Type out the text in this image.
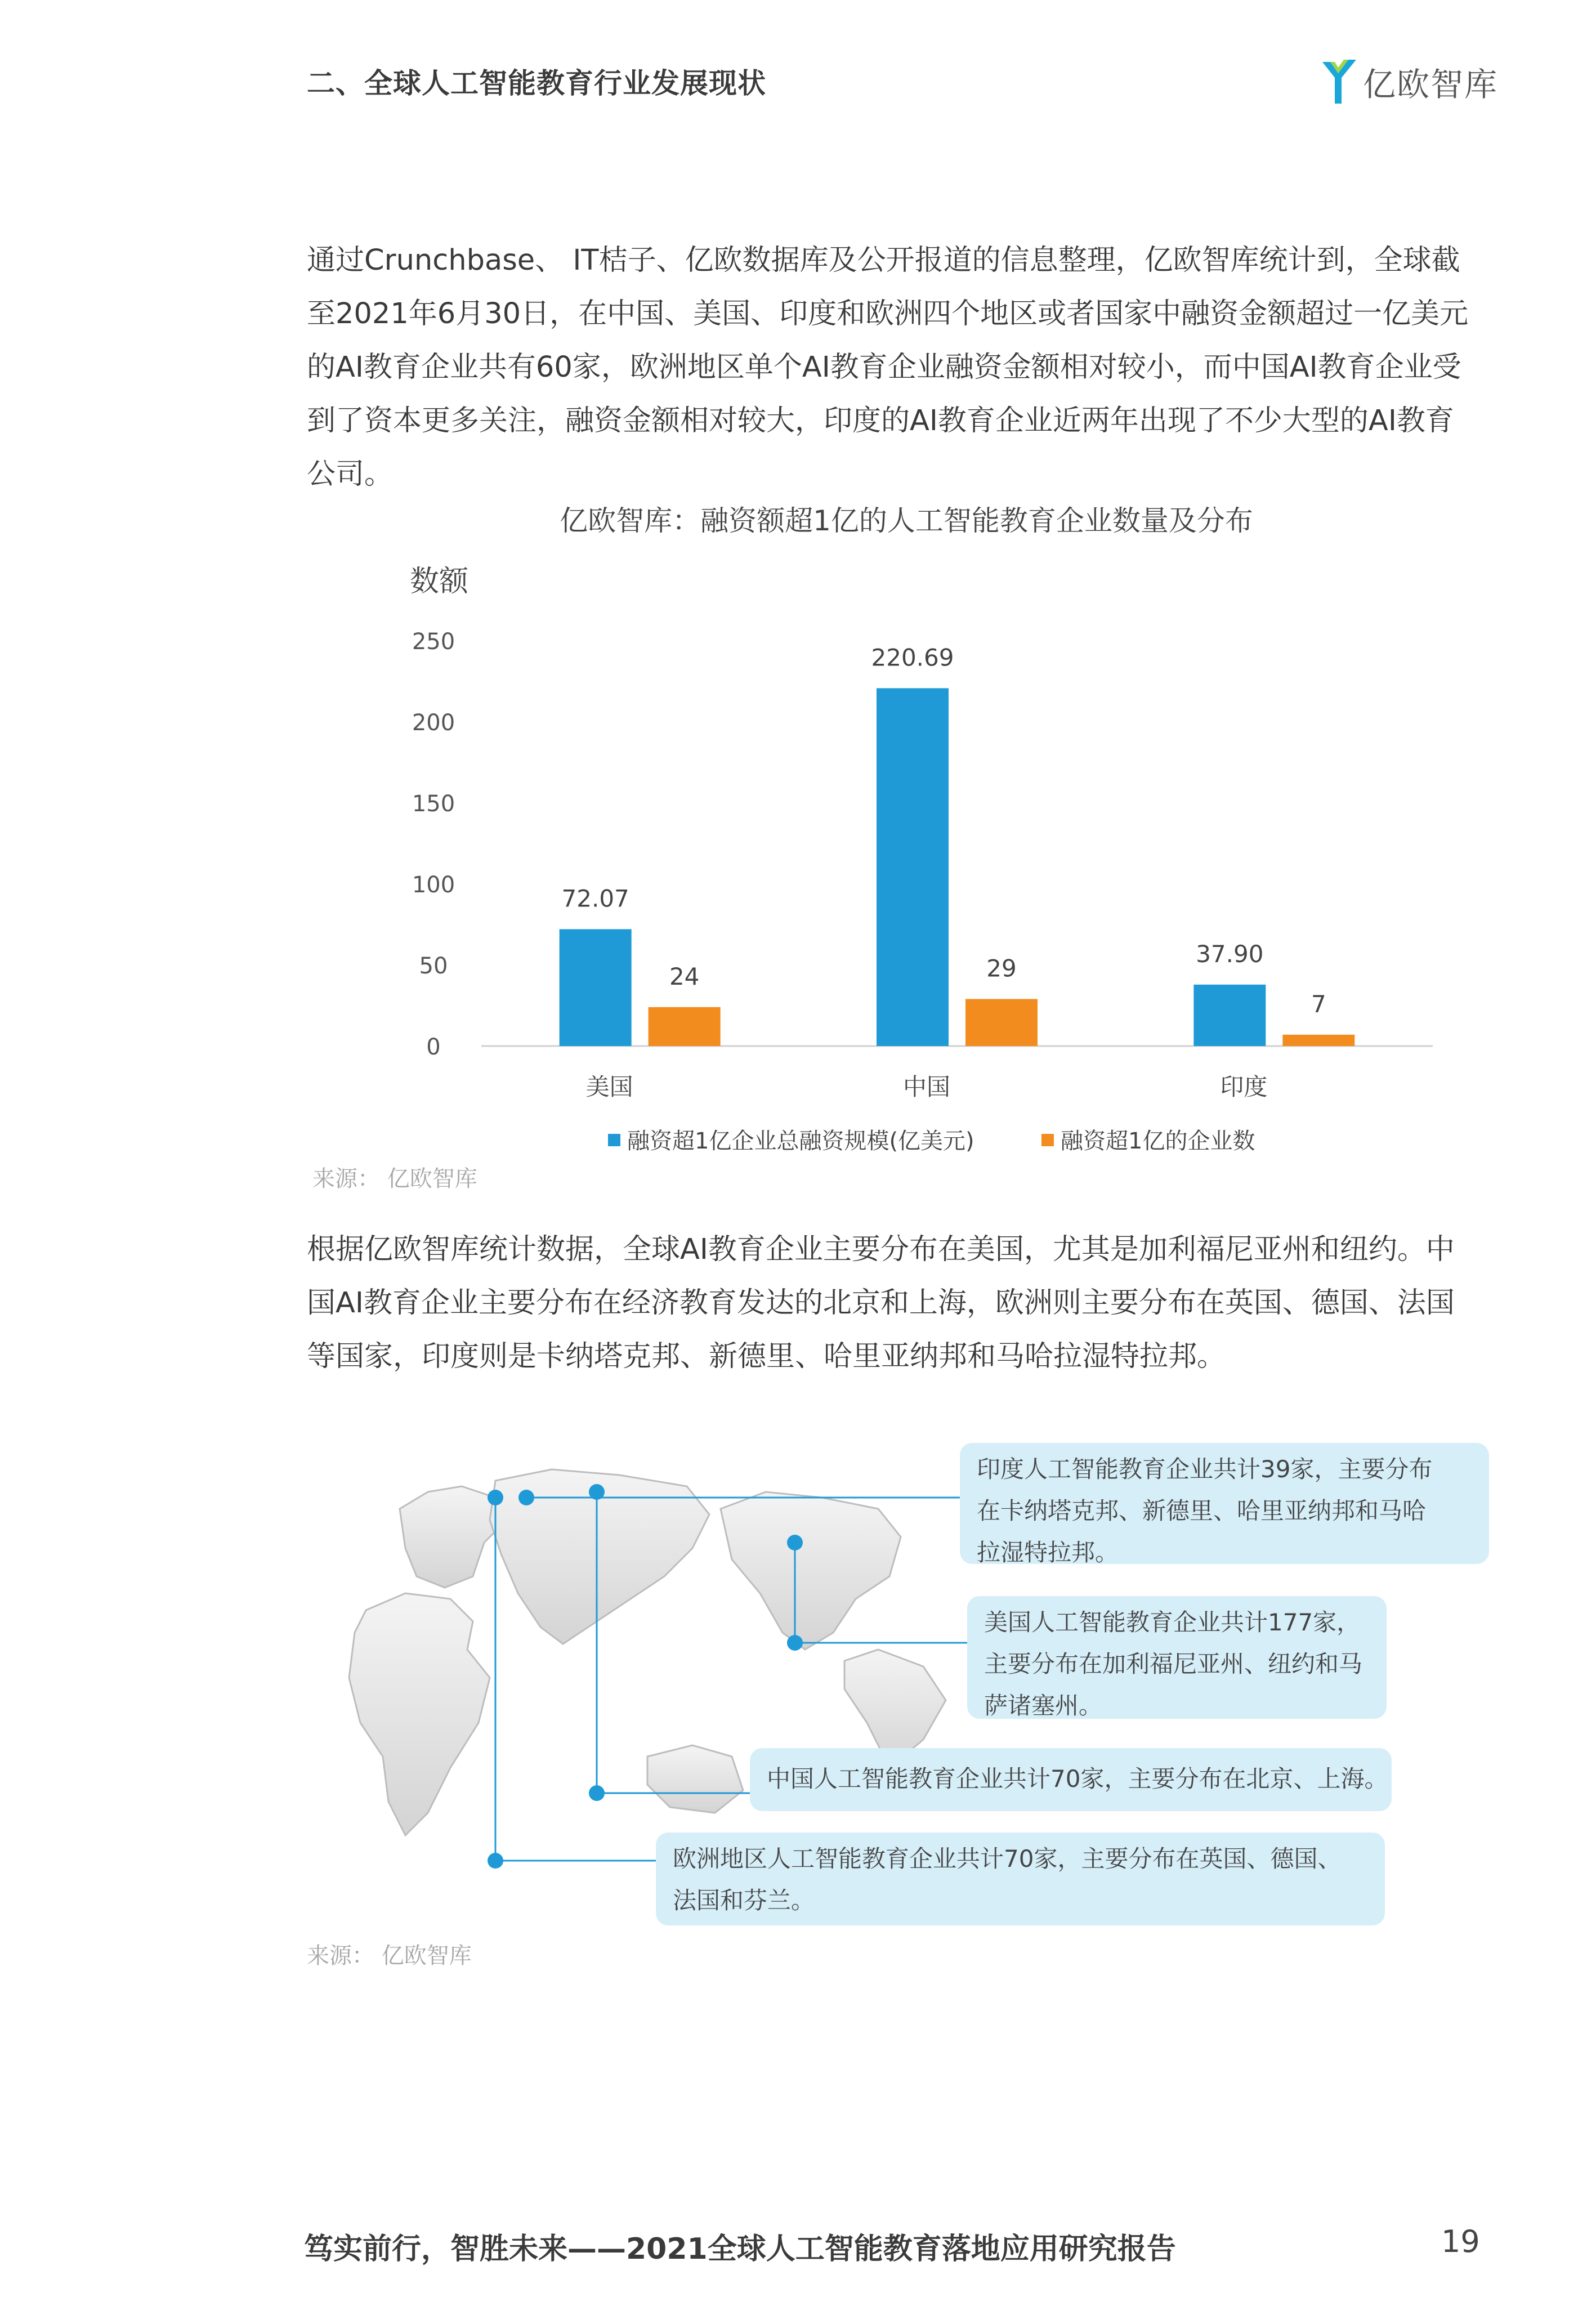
二、全球人工智能教育行业发展现状	亿欧智库
通过Crunchbase、 IT桔子、亿欧数据库及公开报道的信息整理，亿欧智库统计到，全球截
至2021年6月30日，在中国、美国、印度和欧洲四个地区或者国家中融资金额超过一亿美元
的AI教育企业共有60家，欧洲地区单个AI教育企业融资金额相对较小，而中国AI教育企业受
到了资本更多关注，融资金额相对较大，印度的AI教育企业近两年出现了不少大型的AI教育
公司。
亿欧智库：融资额超1亿的人工智能教育企业数量及分布
数额
0
50
100
150
200
250
72.07
24
美国
220.69
29
中国
37.90
7
印度
融资超1亿企业总融资规模(亿美元)	融资超1亿的企业数
来源： 亿欧智库
根据亿欧智库统计数据，全球AI教育企业主要分布在美国，尤其是加利福尼亚州和纽约。中
国AI教育企业主要分布在经济教育发达的北京和上海，欧洲则主要分布在英国、德国、法国
等国家，印度则是卡纳塔克邦、新德里、哈里亚纳邦和马哈拉湿特拉邦。
印度人工智能教育企业共计39家，主要分布
在卡纳塔克邦、新德里、哈里亚纳邦和马哈
拉湿特拉邦。
美国人工智能教育企业共计177家，
主要分布在加利福尼亚州、纽约和马
萨诸塞州。
中国人工智能教育企业共计70家，主要分布在北京、上海。
欧洲地区人工智能教育企业共计70家，主要分布在英国、德国、
法国和芬兰。
来源： 亿欧智库
笃实前行，智胜未来——2021全球人工智能教育落地应用研究报告	19
